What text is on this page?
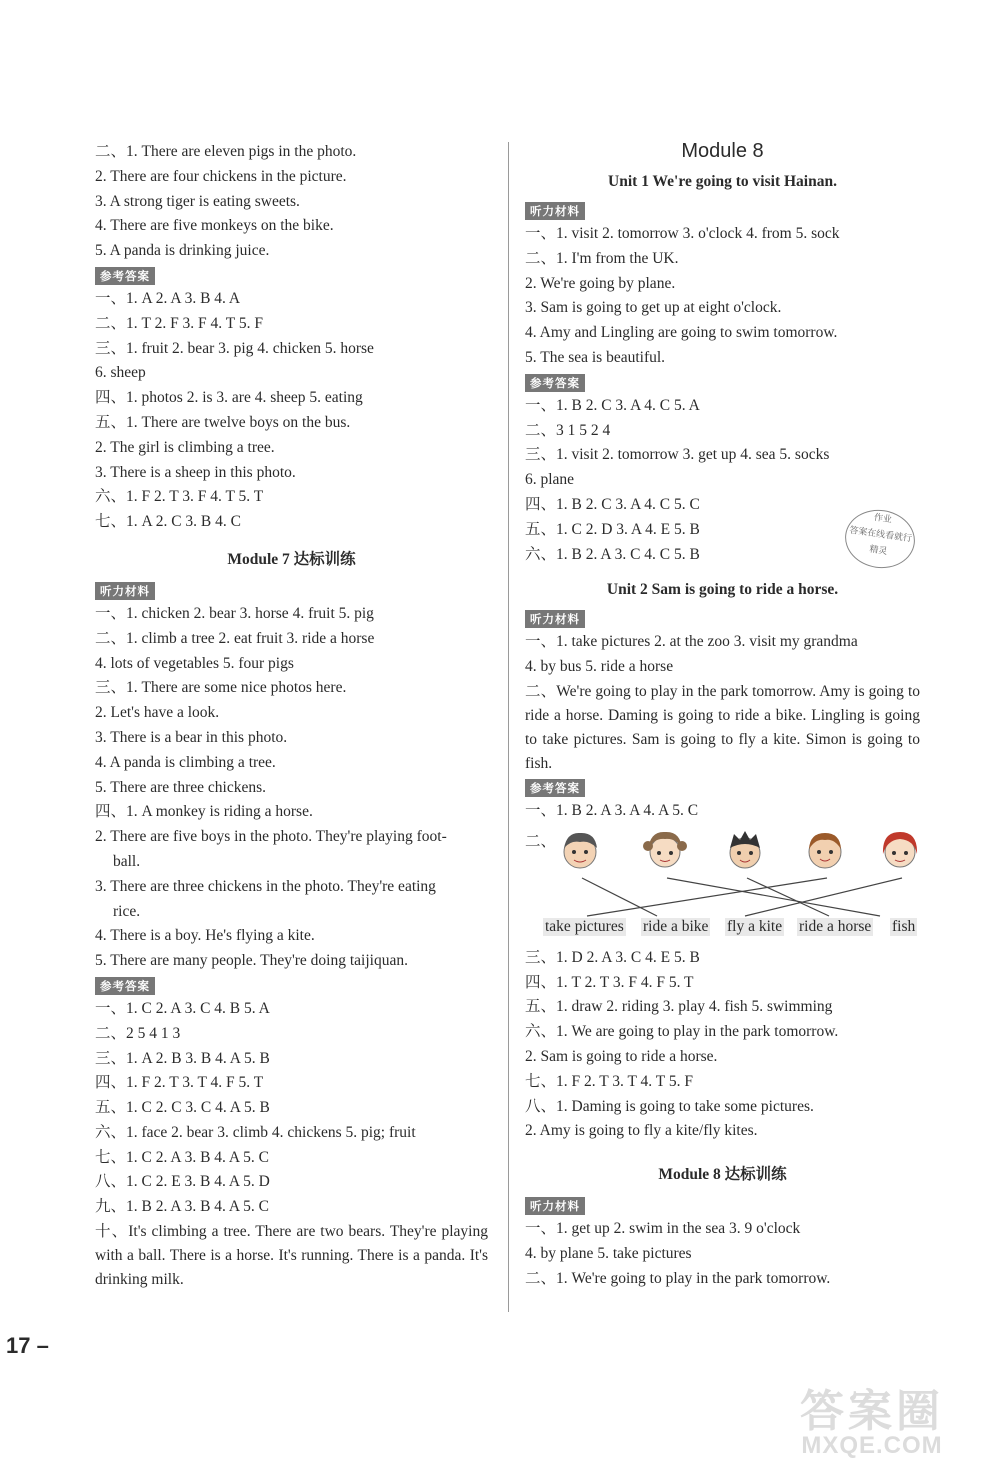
二、1. There are eleven pigs in the photo.
2. There are four chickens in the picture.
3. A strong tiger is eating sweets.
4. There are five monkeys on the bike.
5. A panda is drinking juice.
参考答案
一、1. A 2. A 3. B 4. A
二、1. T 2. F 3. F 4. T 5. F
三、1. fruit 2. bear 3. pig 4. chicken 5. horse
6. sheep
四、1. photos 2. is 3. are 4. sheep 5. eating
五、1. There are twelve boys on the bus.
2. The girl is climbing a tree.
3. There is a sheep in this photo.
六、1. F 2. T 3. F 4. T 5. T
七、1. A 2. C 3. B 4. C
Module 7 达标训练
听力材料
一、1. chicken 2. bear 3. horse 4. fruit 5. pig
二、1. climb a tree 2. eat fruit 3. ride a horse
4. lots of vegetables 5. four pigs
三、1. There are some nice photos here.
2. Let's have a look.
3. There is a bear in this photo.
4. A panda is climbing a tree.
5. There are three chickens.
四、1. A monkey is riding a horse.
2. There are five boys in the photo. They're playing foot-
ball.
3. There are three chickens in the photo. They're eating
rice.
4. There is a boy. He's flying a kite.
5. There are many people. They're doing taijiquan.
参考答案
一、1. C 2. A 3. C 4. B 5. A
二、2 5 4 1 3
三、1. A 2. B 3. B 4. A 5. B
四、1. F 2. T 3. T 4. F 5. T
五、1. C 2. C 3. C 4. A 5. B
六、1. face 2. bear 3. climb 4. chickens 5. pig; fruit
七、1. C 2. A 3. B 4. A 5. C
八、1. C 2. E 3. B 4. A 5. D
九、1. B 2. A 3. B 4. A 5. C
十、It's climbing a tree. There are two bears. They're playing with a ball. There is a horse. It's running. There is a panda. It's drinking milk.
Module 8
Unit 1 We're going to visit Hainan.
听力材料
一、1. visit 2. tomorrow 3. o'clock 4. from 5. sock
二、1. I'm from the UK.
2. We're going by plane.
3. Sam is going to get up at eight o'clock.
4. Amy and Lingling are going to swim tomorrow.
5. The sea is beautiful.
参考答案
一、1. B 2. C 3. A 4. C 5. A
二、3 1 5 2 4
三、1. visit 2. tomorrow 3. get up 4. sea 5. socks
6. plane
四、1. B 2. C 3. A 4. C 5. C
五、1. C 2. D 3. A 4. E 5. B
六、1. B 2. A 3. C 4. C 5. B
Unit 2 Sam is going to ride a horse.
听力材料
一、1. take pictures 2. at the zoo 3. visit my grandma
4. by bus 5. ride a horse
二、We're going to play in the park tomorrow. Amy is going to ride a horse. Daming is going to ride a bike. Lingling is going to take pictures. Sam is going to fly a kite. Simon is going to fish.
参考答案
一、1. B 2. A 3. A 4. A 5. C
二、
take pictures ride a bike fly a kite ride a horse fish
三、1. D 2. A 3. C 4. E 5. B
四、1. T 2. T 3. F 4. F 5. T
五、1. draw 2. riding 3. play 4. fish 5. swimming
六、1. We are going to play in the park tomorrow.
2. Sam is going to ride a horse.
七、1. F 2. T 3. T 4. T 5. F
八、1. Daming is going to take some pictures.
2. Amy is going to fly a kite/fly kites.
Module 8 达标训练
听力材料
一、1. get up 2. swim in the sea 3. 9 o'clock
4. by plane 5. take pictures
二、1. We're going to play in the park tomorrow.
作业
答案在线看就行
精灵
17 –
答案圈
MXQE.COM
